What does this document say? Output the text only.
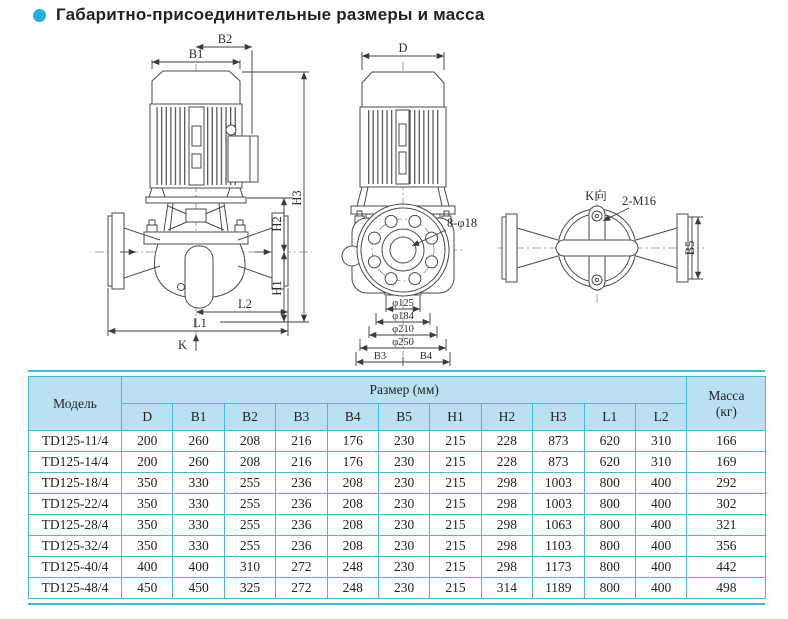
Габаритно-присоединительные размеры и масса
B1
B2
H3
H2
H1
L2
L1
K
D
8-φ18
φ125
φ184
φ210
φ250
B3	B4
K向 2-M16
B5
Модель	Размер (мм)											Масса
(кг)

	D	B1	B2	B3	B4	B5	H1	H2	H3	L1	L2	
TD125-11/4	200	260	208	216	176	230	215	228	873	620	310	166
TD125-14/4	200	260	208	216	176	230	215	228	873	620	310	169
TD125-18/4	350	330	255	236	208	230	215	298	1003	800	400	292
TD125-22/4	350	330	255	236	208	230	215	298	1003	800	400	302
TD125-28/4	350	330	255	236	208	230	215	298	1063	800	400	321
TD125-32/4	350	330	255	236	208	230	215	298	1103	800	400	356
TD125-40/4	400	400	310	272	248	230	215	298	1173	800	400	442
TD125-48/4	450	450	325	272	248	230	215	314	1189	800	400	498
